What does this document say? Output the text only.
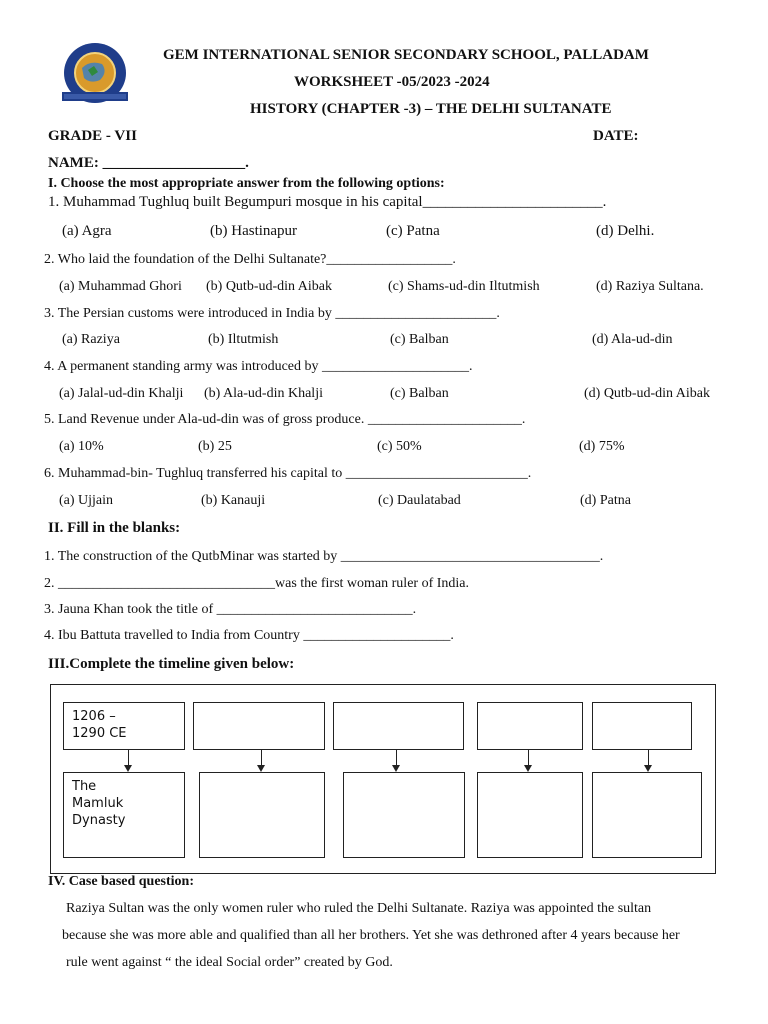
GEM INTERNATIONAL SENIOR SECONDARY SCHOOL, PALLADAM
WORKSHEET -05/2023 -2024
HISTORY (CHAPTER -3) – THE DELHI SULTANATE
GRADE - VII	DATE:
NAME: ___________________.
I. Choose the most appropriate answer from the following options:
1. Muhammad Tughluq built Begumpuri mosque in his capital________________________.
(a) Agra	(b) Hastinapur	(c) Patna	(d) Delhi.
2. Who laid the foundation of the Delhi Sultanate?__________________.
(a) Muhammad Ghori (b) Qutb-ud-din Aibak	(c) Shams-ud-din Iltutmish	(d) Raziya Sultana.
3. The Persian customs were introduced in India by _______________________.
(a) Raziya	(b) Iltutmish	(c) Balban	(d) Ala-ud-din
4. A permanent standing army was introduced by _____________________.
(a) Jalal-ud-din Khalji (b) Ala-ud-din Khalji	(c) Balban	(d) Qutb-ud-din Aibak
5. Land Revenue under Ala-ud-din was of gross produce. ______________________.
(a) 10%	(b) 25	(c) 50%	(d) 75%
6. Muhammad-bin- Tughluq transferred his capital to __________________________.
(a) Ujjain	(b) Kanauji	(c) Daulatabad	(d) Patna
II. Fill in the blanks:
1. The construction of the QutbMinar was started by _____________________________________.
2. _______________________________was the first woman ruler of India.
3. Jauna Khan took the title of ____________________________.
4. Ibu Battuta travelled to India from Country _____________________.
III.Complete the timeline given below:
1206 –
1290 CE
The
Mamluk
Dynasty
IV. Case based question:
Raziya Sultan was the only women ruler who ruled the Delhi Sultanate. Raziya was appointed the sultan
because she was more able and qualified than all her brothers. Yet she was dethroned after 4 years because her
rule went against “ the ideal Social order” created by God.
